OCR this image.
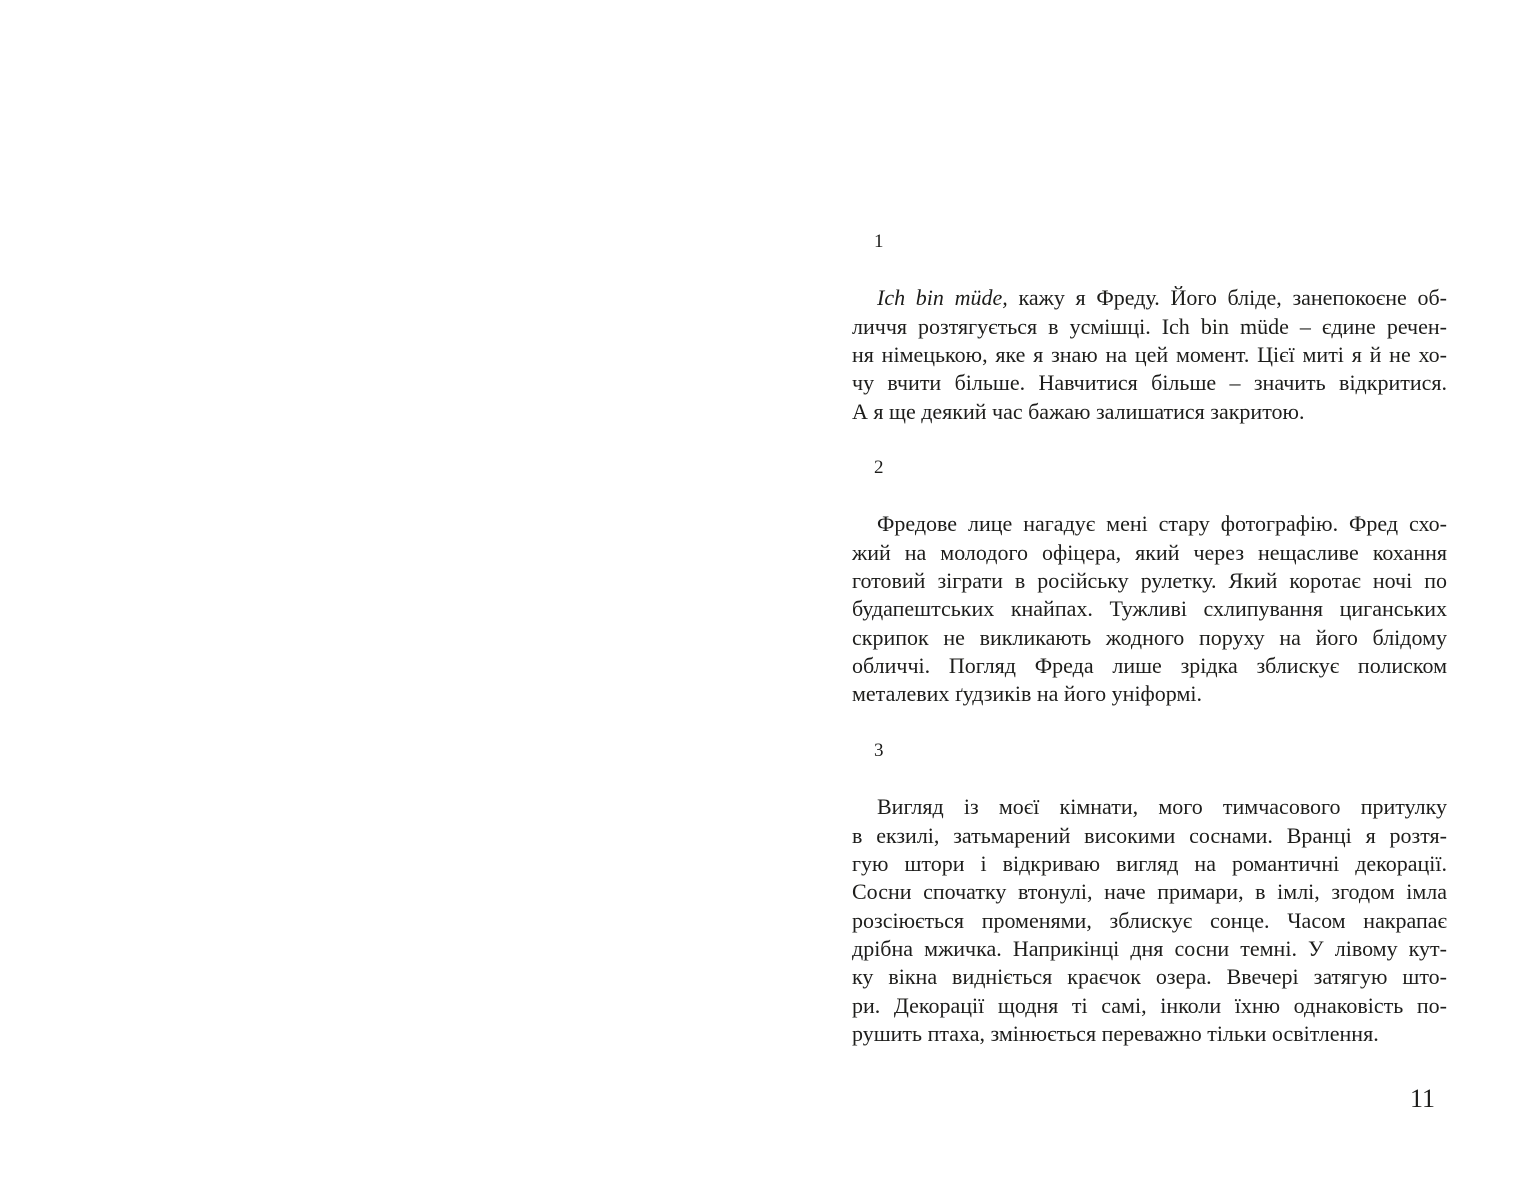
1

Ich bin müde, кажу я Фреду. Його бліде, занепокоєне об-
личчя розтягується в усмішці. Ich bin müde – єдине речен-
ня німецькою, яке я знаю на цей момент. Цієї миті я й не хо-
чу вчити більше. Навчитися більше – значить відкритися.
А я ще деякий час бажаю залишатися закритою.

2

Фредове лице нагадує мені стару фотографію. Фред схо-
жий на молодого офіцера, який через нещасливе кохання
готовий зіграти в російську рулетку. Який коротає ночі по
будапештських кнайпах. Тужливі схлипування циганських
скрипок не викликають жодного поруху на його блідому
обличчі. Погляд Фреда лише зрідка зблискує полиском
металевих ґудзиків на його уніформі.

3

Вигляд із моєї кімнати, мого тимчасового притулку
в екзилі, затьмарений високими соснами. Вранці я розтя-
гую штори і відкриваю вигляд на романтичні декорації.
Сосни спочатку втонулі, наче примари, в імлі, згодом імла
розсіюється променями, зблискує сонце. Часом накрапає
дрібна мжичка. Наприкінці дня сосни темні. У лівому кут-
ку вікна видніється краєчок озера. Ввечері затягую што-
ри. Декорації щодня ті самі, інколи їхню однаковість по-
рушить птаха, змінюється переважно тільки освітлення.

11
